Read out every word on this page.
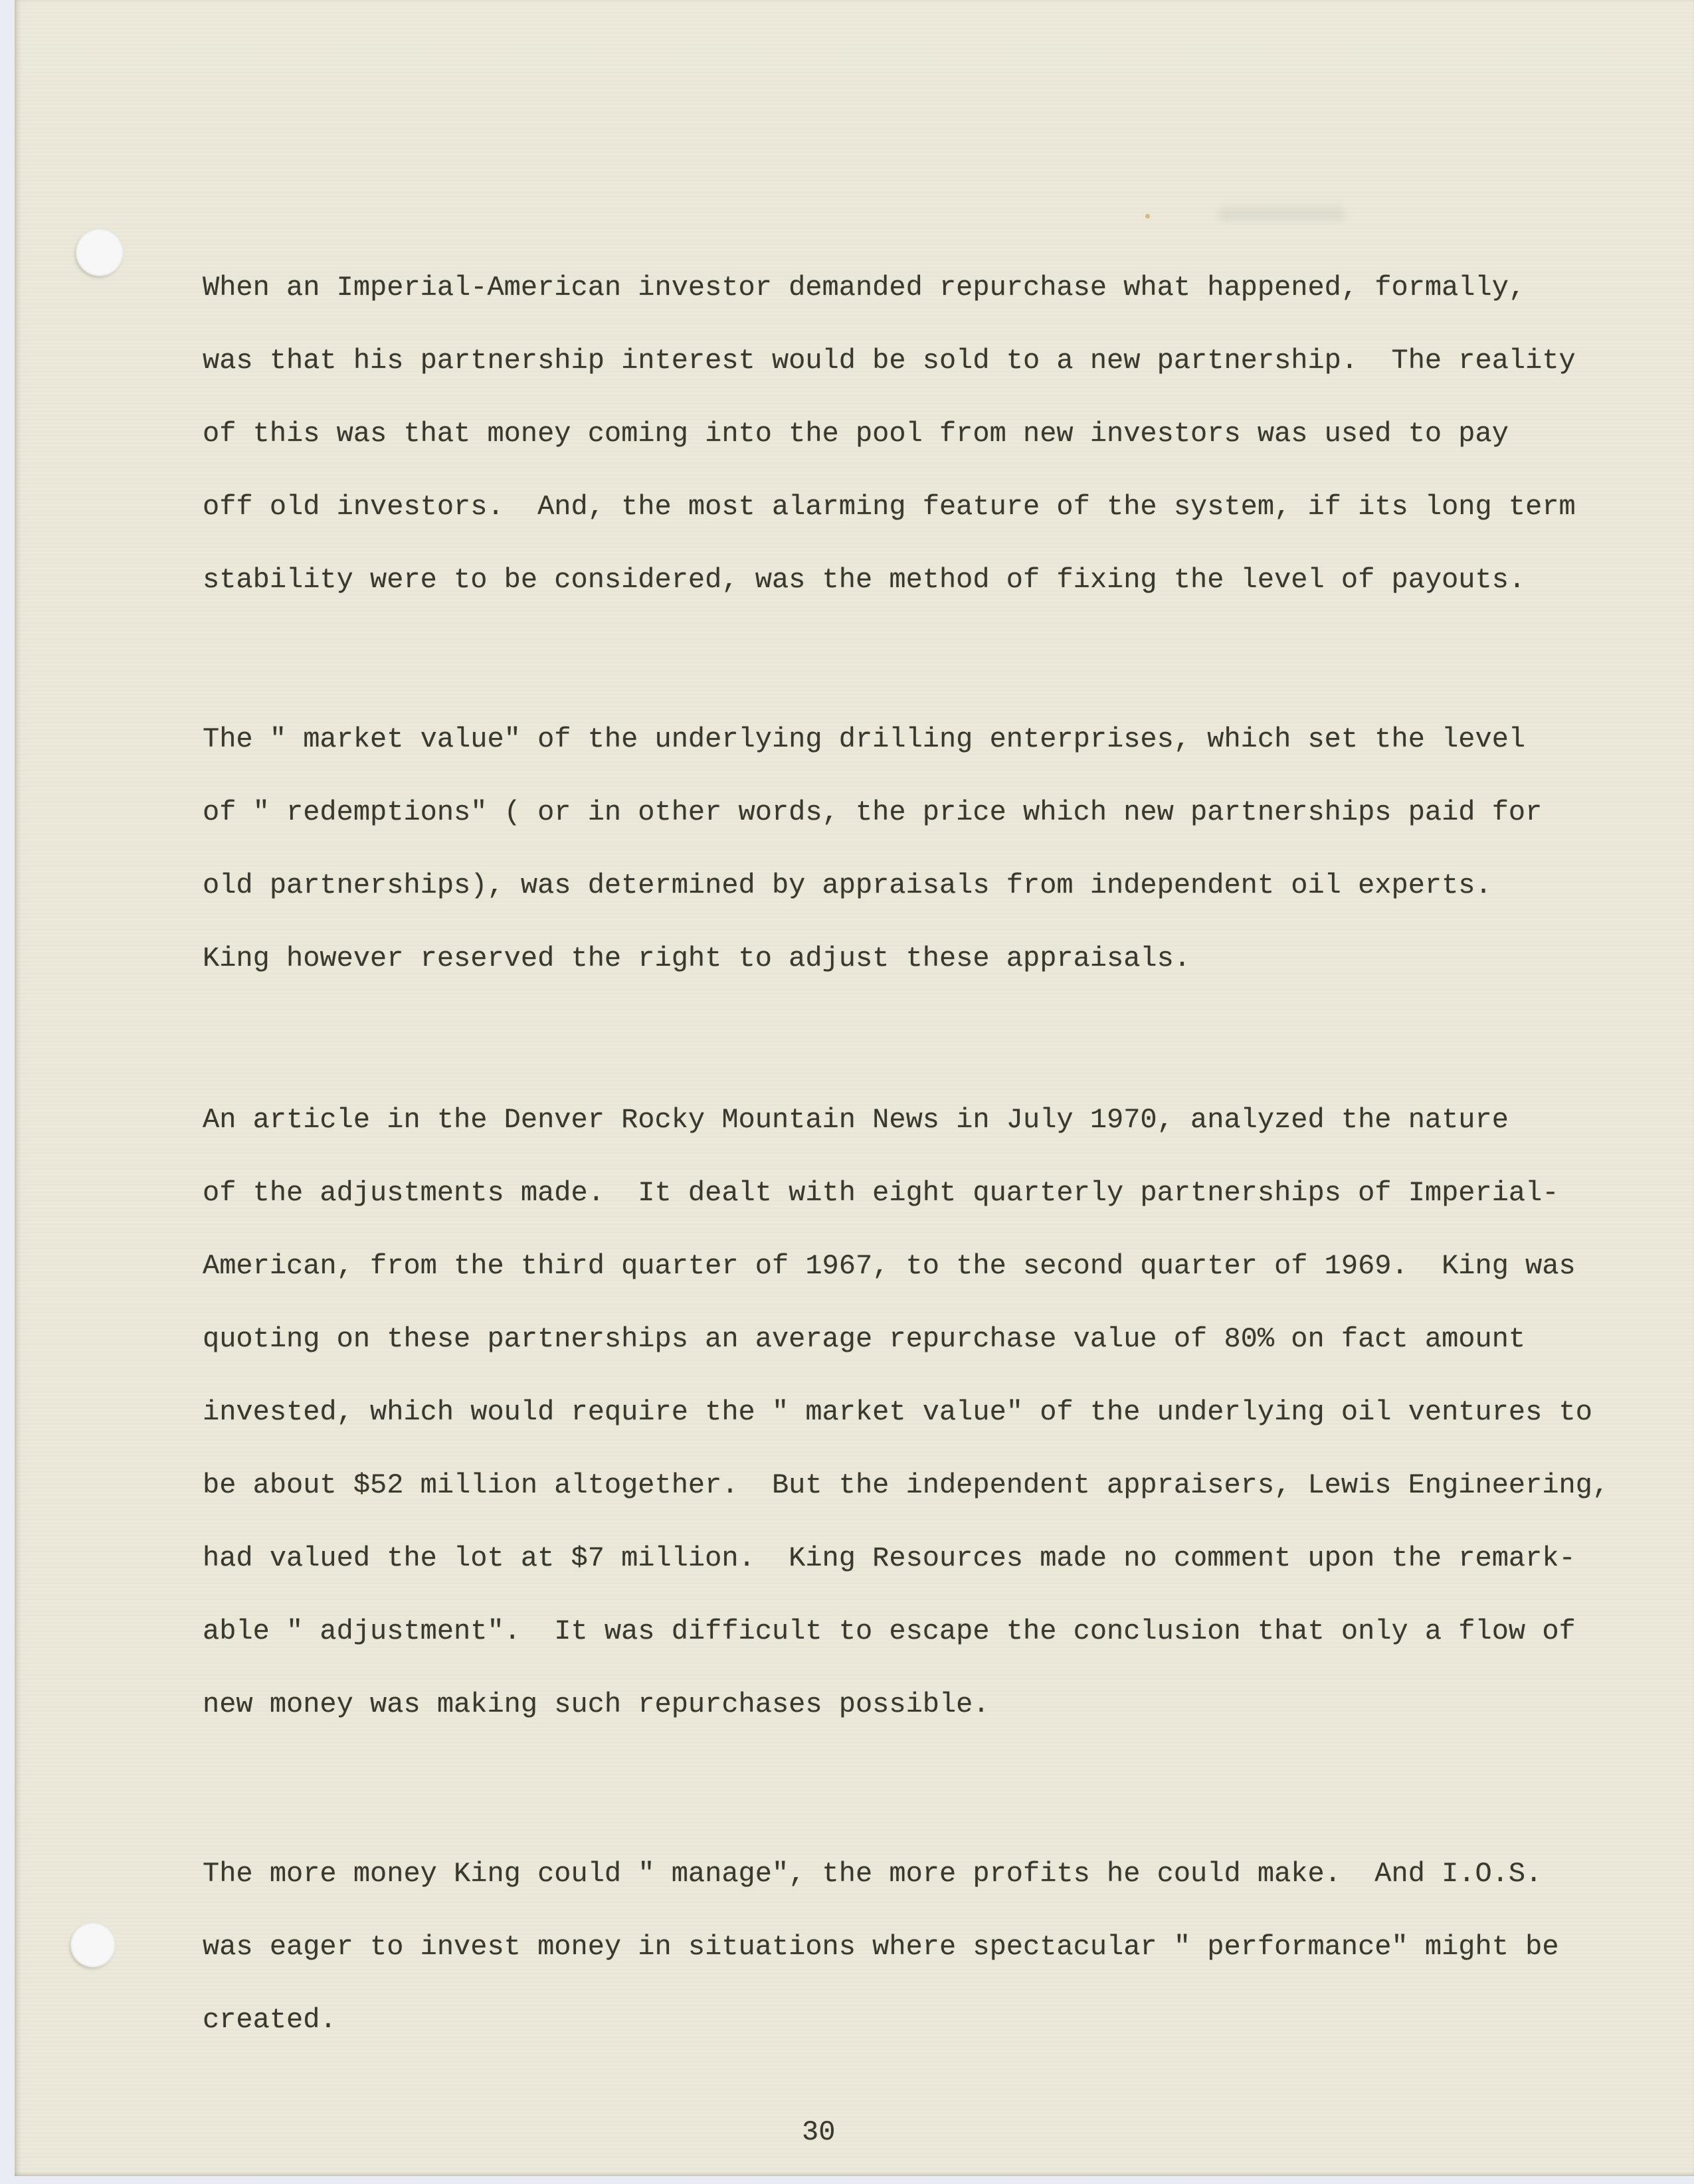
When an Imperial-American investor demanded repurchase what happened, formally,
was that his partnership interest would be sold to a new partnership.  The reality
of this was that money coming into the pool from new investors was used to pay
off old investors.  And, the most alarming feature of the system, if its long term
stability were to be considered, was the method of fixing the level of payouts.
The " market value" of the underlying drilling enterprises, which set the level
of " redemptions" ( or in other words, the price which new partnerships paid for
old partnerships), was determined by appraisals from independent oil experts.
King however reserved the right to adjust these appraisals.
An article in the Denver Rocky Mountain News in July 1970, analyzed the nature
of the adjustments made.  It dealt with eight quarterly partnerships of Imperial-
American, from the third quarter of 1967, to the second quarter of 1969.  King was
quoting on these partnerships an average repurchase value of 80% on fact amount
invested, which would require the " market value" of the underlying oil ventures to
be about $52 million altogether.  But the independent appraisers, Lewis Engineering,
had valued the lot at $7 million.  King Resources made no comment upon the remark-
able " adjustment".  It was difficult to escape the conclusion that only a flow of
new money was making such repurchases possible.
The more money King could " manage", the more profits he could make.  And I.O.S.
was eager to invest money in situations where spectacular " performance" might be
created.
30
